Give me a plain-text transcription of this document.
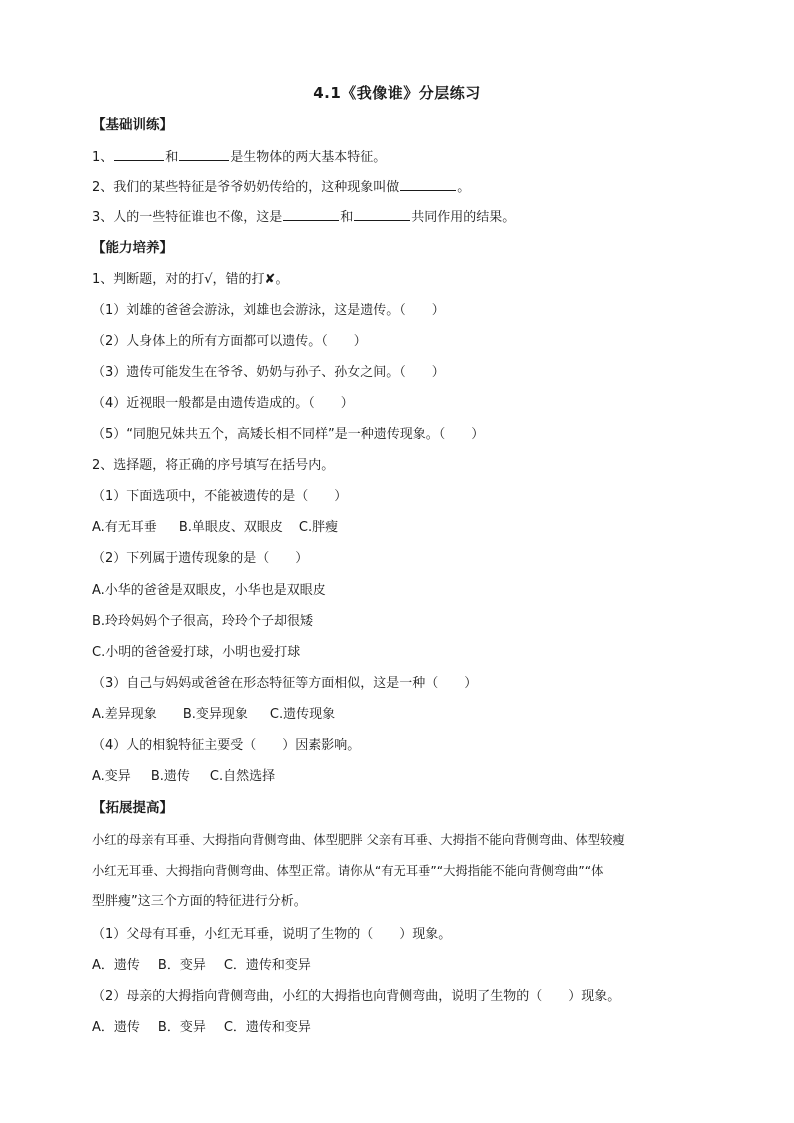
4.1《我像谁》分层练习
【基础训练】
1、	和	是生物体的两大基本特征。
2、我们的某些特征是爷爷奶奶传给的，这种现象叫做	。
3、人的一些特征谁也不像，这是	和	共同作用的结果。
【能力培养】
1、判断题，对的打√，错的打✘。
（1）刘雄的爸爸会游泳，刘雄也会游泳，这是遗传。（　　）
（2）人身体上的所有方面都可以遗传。（　　）
（3）遗传可能发生在爷爷、奶奶与孙子、孙女之间。（　　）
（4）近视眼一般都是由遗传造成的。（　　）
（5）“同胞兄妹共五个，高矮长相不同样”是一种遗传现象。（　　）
2、选择题，将正确的序号填写在括号内。
（1）下面选项中，不能被遗传的是（　　）
A.有无耳垂 B.单眼皮、双眼皮 C.胖瘦
（2）下列属于遗传现象的是（　　）
A.小华的爸爸是双眼皮，小华也是双眼皮
B.玲玲妈妈个子很高，玲玲个子却很矮
C.小明的爸爸爱打球，小明也爱打球
（3）自己与妈妈或爸爸在形态特征等方面相似，这是一种（　　）
A.差异现象 B.变异现象 C.遗传现象
（4）人的相貌特征主要受（　　）因素影响。
A.变异 B.遗传 C.自然选择
【拓展提高】
小红的母亲有耳垂、大拇指向背侧弯曲、体型肥胖 父亲有耳垂、大拇指不能向背侧弯曲、体型较瘦
小红无耳垂、大拇指向背侧弯曲、体型正常。请你从“有无耳垂”“大拇指能不能向背侧弯曲”“体
型胖瘦”这三个方面的特征进行分析。
（1）父母有耳垂，小红无耳垂，说明了生物的（　　）现象。
A．遗传 B．变异 C．遗传和变异
（2）母亲的大拇指向背侧弯曲，小红的大拇指也向背侧弯曲，说明了生物的（　　）现象。
A．遗传 B．变异 C．遗传和变异
